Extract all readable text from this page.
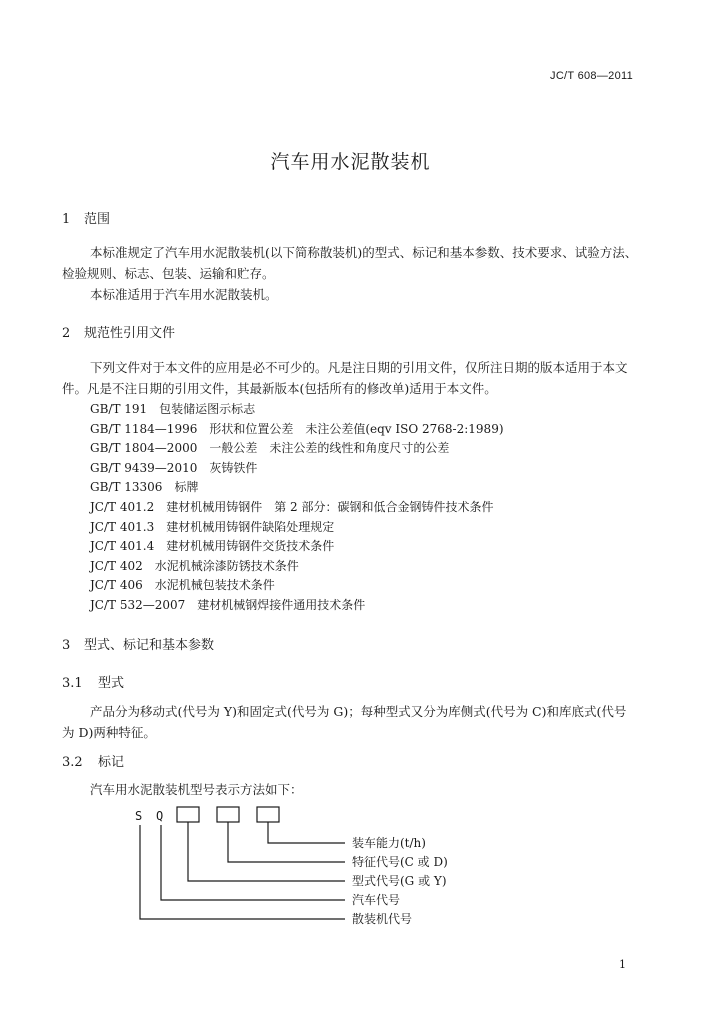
JC/T 608—2011
汽车用水泥散装机
1 范围
本标准规定了汽车用水泥散装机(以下简称散装机)的型式、标记和基本参数、技术要求、试验方法、
检验规则、标志、包装、运输和贮存。
本标准适用于汽车用水泥散装机。
2 规范性引用文件
下列文件对于本文件的应用是必不可少的。凡是注日期的引用文件，仅所注日期的版本适用于本文
件。凡是不注日期的引用文件，其最新版本(包括所有的修改单)适用于本文件。
GB/T 191　包装储运图示标志
GB/T 1184—1996　形状和位置公差　未注公差值(eqv ISO 2768-2:1989)
GB/T 1804—2000　一般公差　未注公差的线性和角度尺寸的公差
GB/T 9439—2010　灰铸铁件
GB/T 13306　标牌
JC/T 401.2　建材机械用铸钢件　第 2 部分：碳钢和低合金钢铸件技术条件
JC/T 401.3　建材机械用铸钢件缺陷处理规定
JC/T 401.4　建材机械用铸钢件交货技术条件
JC/T 402　水泥机械涂漆防锈技术条件
JC/T 406　水泥机械包装技术条件
JC/T 532—2007　建材机械钢焊接件通用技术条件
3 型式、标记和基本参数
3.1 型式
产品分为移动式(代号为 Y)和固定式(代号为 G)；每种型式又分为库侧式(代号为 C)和库底式(代号
为 D)两种特征。
3.2 标记
汽车用水泥散装机型号表示方法如下：
S Q
装车能力(t/h)
特征代号(C 或 D)
型式代号(G 或 Y)
汽车代号
散装机代号
1
